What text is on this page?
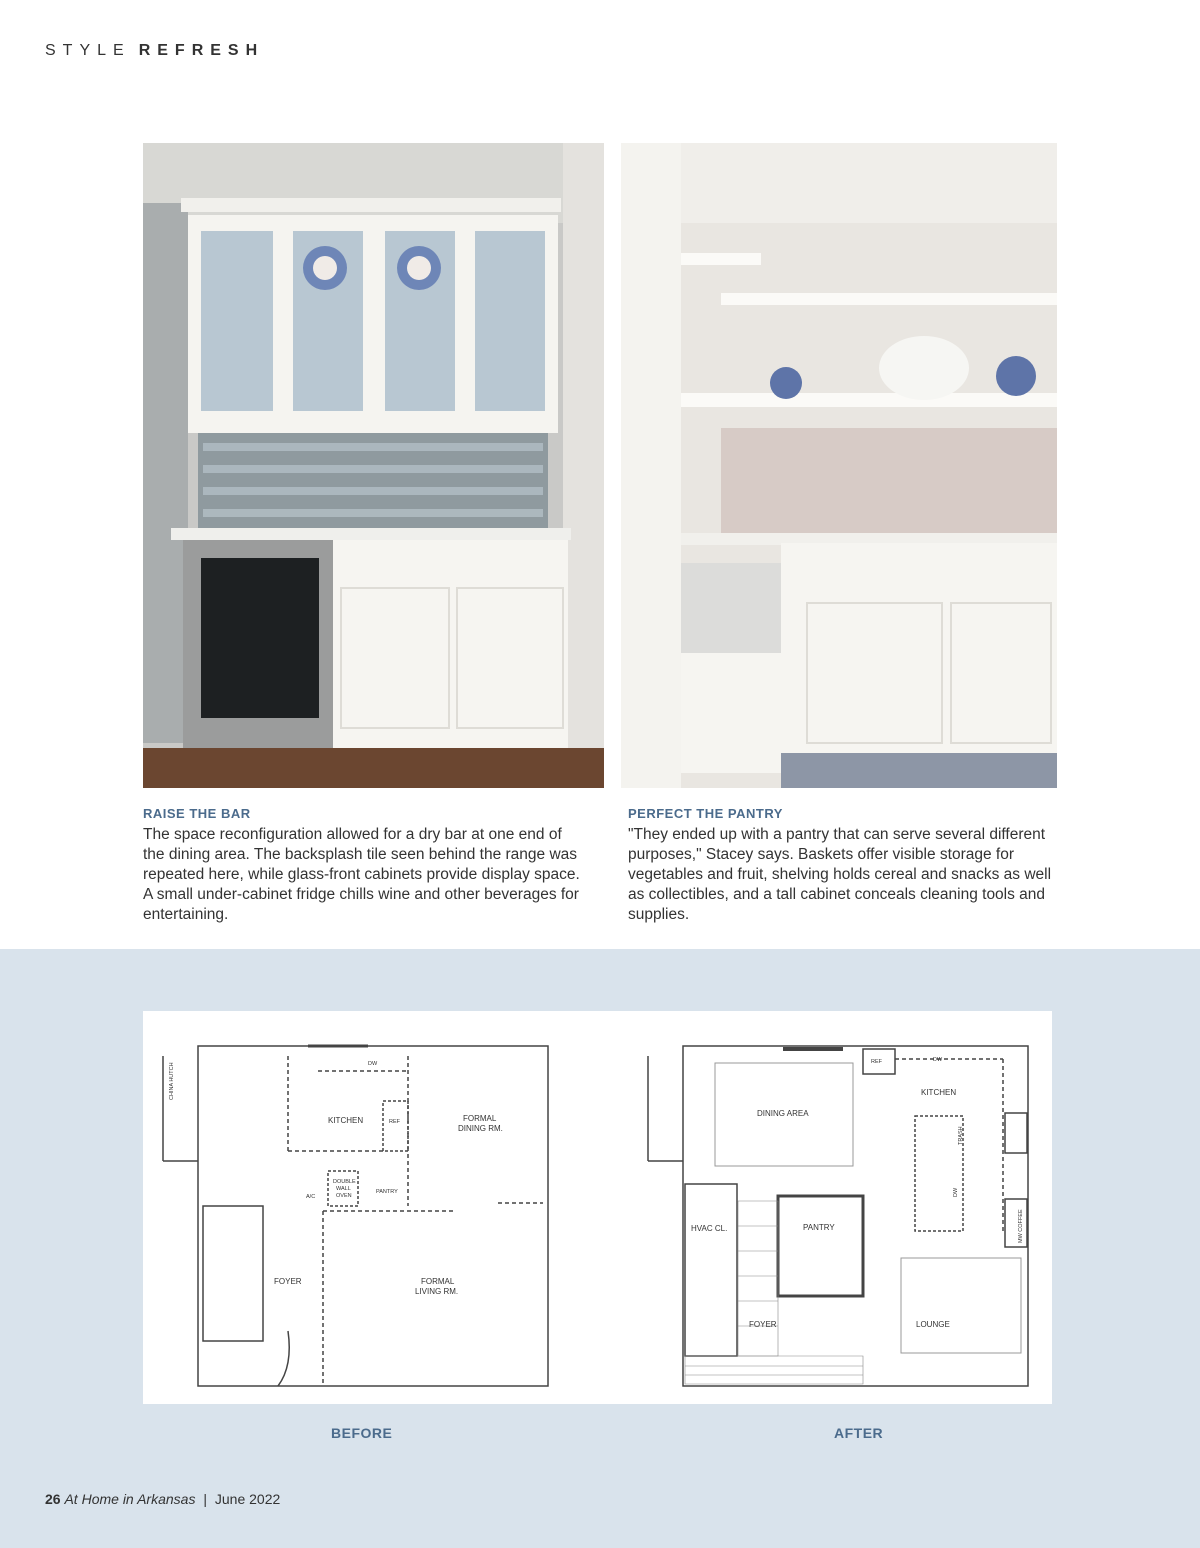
STYLE REFRESH
RAISE THE BAR

The space reconfiguration allowed for a dry bar at one end of the dining area. The backsplash tile seen behind the range was repeated here, while glass-front cabinets provide display space. A small under-cabinet fridge chills wine and other beverages for entertaining.

PERFECT THE PANTRY

"They ended up with a pantry that can serve several different purposes," Stacey says. Baskets offer visible storage for vegetables and fruit, shelving holds cereal and snacks as well as collectibles, and a tall cabinet conceals cleaning tools and supplies.

CHINA HUTCH
KITCHEN	REF
DW
FORMAL
DINING RM.
DOUBLE
WALL
OVEN
PANTRY
A/C
FOYER	FORMAL
LIVING RM.
REF	DW
KITCHEN
DINING AREA
TRASH
DW
MW COFFEE
HVAC CL.	PANTRY
FOYER	LOUNGE
BEFORE	AFTER
26 At Home in Arkansas | June 2022
